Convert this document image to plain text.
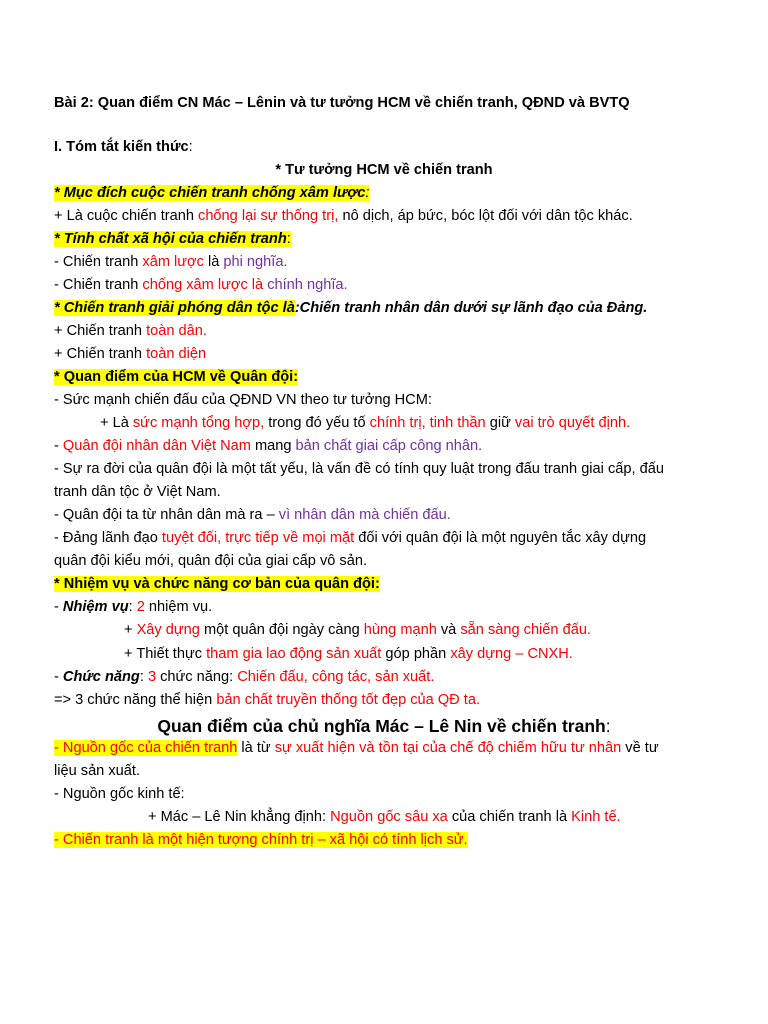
Bài 2: Quan điểm CN Mác – Lênin và tư tưởng HCM về chiến tranh, QĐND và BVTQ
I. Tóm tắt kiến thức:
* Tư tưởng HCM về chiến tranh
* Mục đích cuộc chiến tranh chống xâm lược:
+ Là cuộc chiến tranh chống lại sự thống trị, nô dịch, áp bức, bóc lột đối với dân tộc khác.
* Tính chất xã hội của chiến tranh:
- Chiến tranh xâm lược là phi nghĩa.
- Chiến tranh chống xâm lược là chính nghĩa.
* Chiến tranh giải phóng dân tộc là:Chiến tranh nhân dân dưới sự lãnh đạo của Đảng.
+ Chiến tranh toàn dân.
+ Chiến tranh toàn diện
* Quan điểm của HCM về Quân đội:
- Sức mạnh chiến đấu của QĐND VN theo tư tưởng HCM:
+ Là sức mạnh tổng hợp, trong đó yếu tố chính trị, tinh thần giữ vai trò quyết định.
- Quân đội nhân dân Việt Nam mang bản chất giai cấp công nhân.
- Sự ra đời của quân đội là một tất yếu, là vấn đề có tính quy luật trong đấu tranh giai cấp, đấu
tranh dân tộc ở Việt Nam.
- Quân đội ta từ nhân dân mà ra – vì nhân dân mà chiến đấu.
- Đảng lãnh đạo tuyệt đối, trực tiếp về mọi mặt đối với quân đội là một nguyên tắc xây dựng
quân đội kiểu mới, quân đội của giai cấp vô sản.
* Nhiệm vụ và chức năng cơ bản của quân đội:
- Nhiệm vụ: 2 nhiệm vụ.
+ Xây dựng một quân đội ngày càng hùng mạnh và sẵn sàng chiến đấu.
+ Thiết thực tham gia lao động sản xuất góp phần xây dựng – CNXH.
- Chức năng: 3 chức năng: Chiến đấu, công tác, sản xuất.
=> 3 chức năng thể hiện bản chất truyền thống tốt đẹp của QĐ ta.
Quan điểm của chủ nghĩa Mác – Lê Nin về chiến tranh:
- Nguồn gốc của chiến tranh là từ sự xuất hiện và tồn tại của chế độ chiếm hữu tư nhân về tư
liệu sản xuất.
- Nguồn gốc kinh tế:
+ Mác – Lê Nin khẳng định: Nguồn gốc sâu xa của chiến tranh là Kinh tế.
- Chiến tranh là một hiện tượng chính trị – xã hội có tính lịch sử.
